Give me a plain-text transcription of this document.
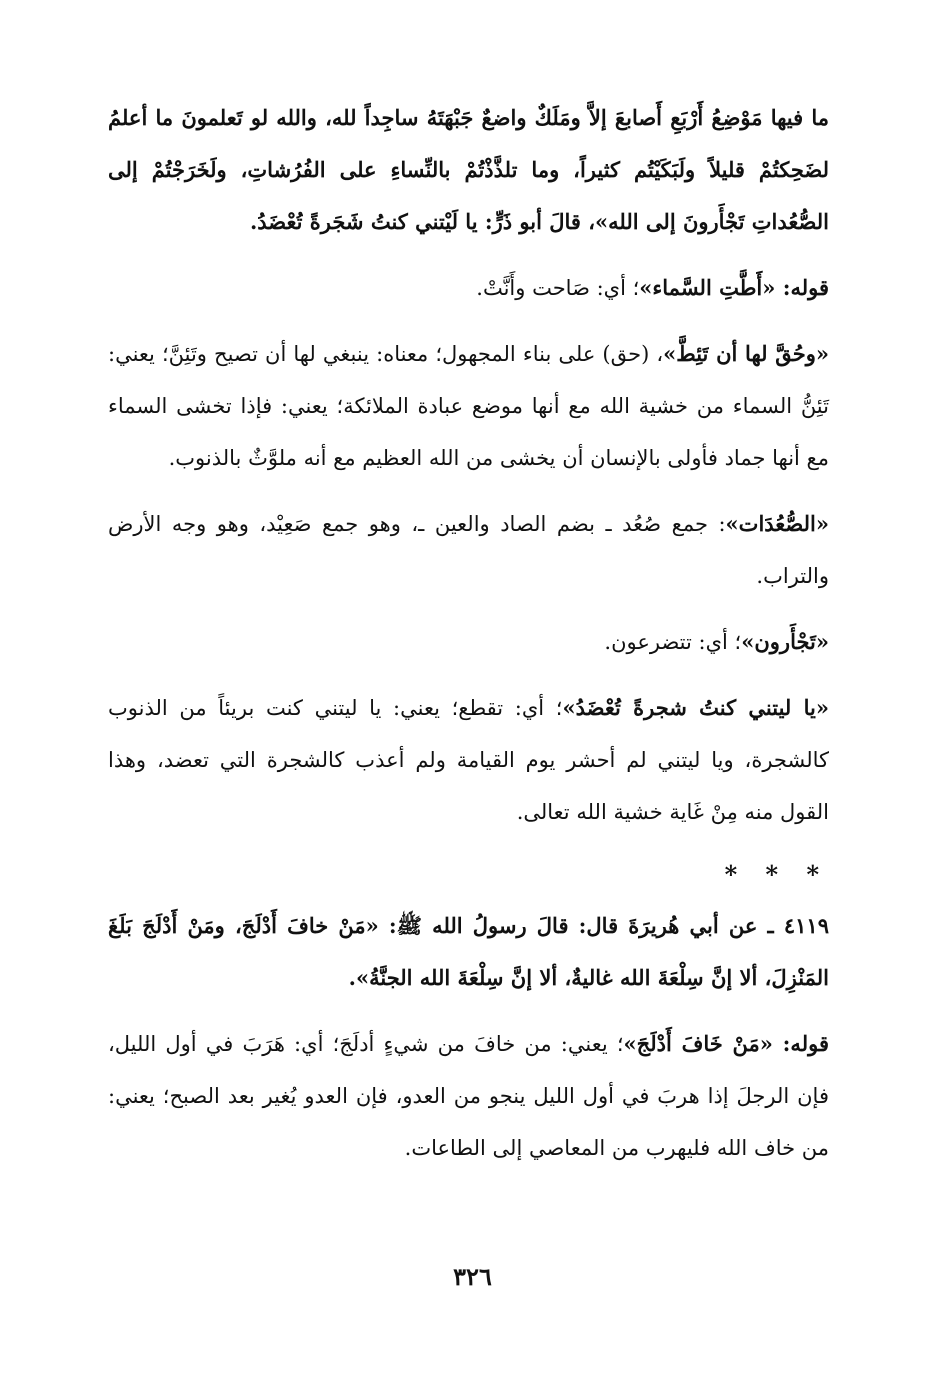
ما فيها مَوْضِعُ أَرْبَعِ أَصابعَ إلاَّ ومَلَكٌ واضعٌ جَبْهَتَهُ ساجِداً لله، والله لو تَعلمونَ ما أعلمُ لضَحِكتُمْ قليلاً ولَبَكَيْتُم كثيراً، وما تلذَّذْتُمْ بالنِّساءِ على الفُرُشاتِ، ولَخَرَجْتُمْ إلى الصُّعُداتِ تَجْأَرونَ إلى الله»، قالَ أبو ذَرٍّ: يا لَيْتني كنتُ شَجَرةً تُعْضَدُ.

قوله: «أَطَّتِ السَّماء»؛ أي: صَاحت وأَنَّتْ.

«وحُقَّ لها أن تَئِطَّ»، (حق) على بناء المجهول؛ معناه: ينبغي لها أن تصيح وتَئِنَّ؛ يعني: تَئِنُّ السماء من خشية الله مع أنها موضع عبادة الملائكة؛ يعني: فإذا تخشى السماء مع أنها جماد فأولى بالإنسان أن يخشى من الله العظيم مع أنه ملوَّثٌ بالذنوب.

«الصُّعُدَات»: جمع صُعُد ـ بضم الصاد والعين ـ، وهو جمع صَعِيْد، وهو وجه الأرض والتراب.

«تَجْأَرون»؛ أي: تتضرعون.

«يا ليتني كنتُ شجرةً تُعْضَدُ»؛ أي: تقطع؛ يعني: يا ليتني كنت بريئاً من الذنوب كالشجرة، ويا ليتني لم أحشر يوم القيامة ولم أعذب كالشجرة التي تعضد، وهذا القول منه مِنْ غَاية خشية الله تعالى.

* * *

٤١١٩ ـ عن أبي هُريرَةَ قال: قالَ رسولُ الله ﷺ: «مَنْ خافَ أَدْلَجَ، ومَنْ أَدْلَجَ بَلَغَ المَنْزِلَ، ألا إنَّ سِلْعَةَ الله غاليةٌ، ألا إنَّ سِلْعَةَ الله الجنَّةُ».

قوله: «مَنْ خَافَ أَدْلَجَ»؛ يعني: من خافَ من شيءٍ أدلَجَ؛ أي: هَرَبَ في أول الليل، فإن الرجلَ إذا هربَ في أول الليل ينجو من العدو، فإن العدو يُغير بعد الصبح؛ يعني: من خاف الله فليهرب من المعاصي إلى الطاعات.

٣٢٦
